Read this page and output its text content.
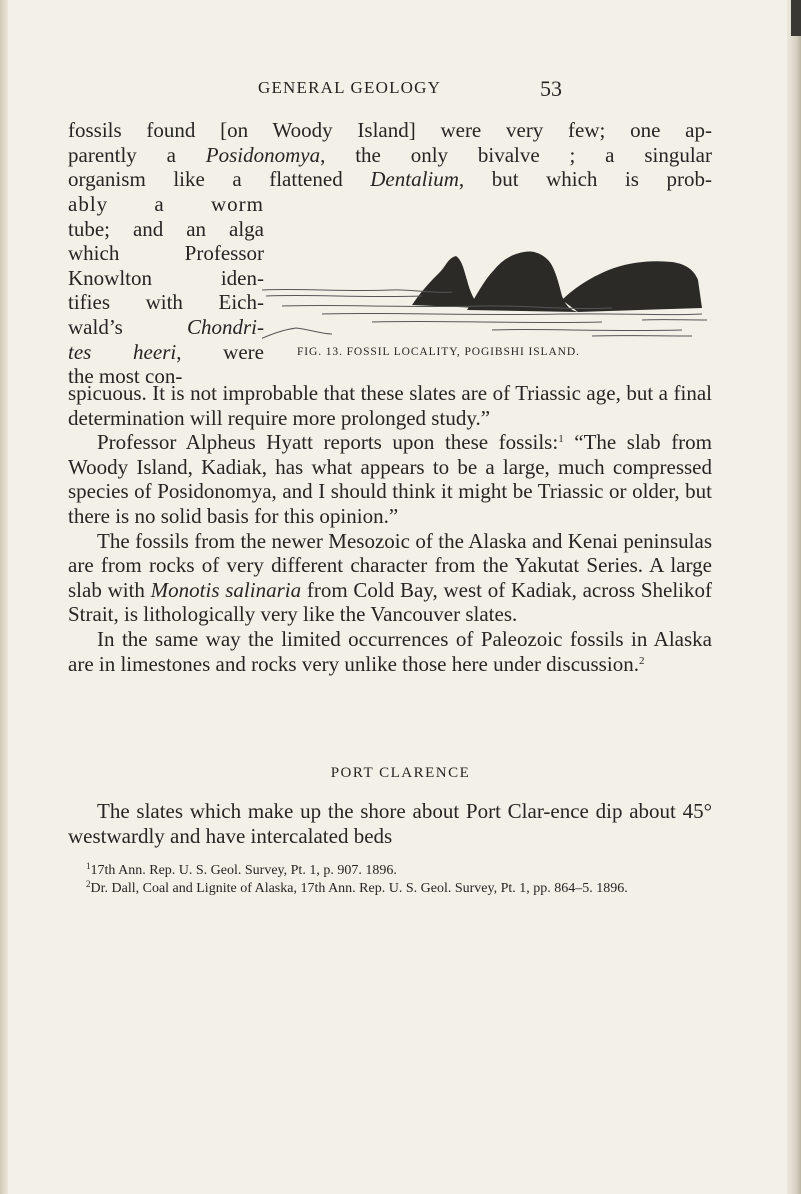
GENERAL GEOLOGY	53

fossils found [on Woody Island] were very few; one ap-

parently a Posidonomya, the only bivalve ; a singular

organism like a flattened Dentalium, but which is prob-

ably a worm
tube; and an alga
which Professor
Knowlton iden-
tifies with Eich-
wald’s Chondri-
tes heeri, were
the most con-
FIG. 13. FOSSIL LOCALITY, POGIBSHI ISLAND.

spicuous. It is not improbable that these slates are of Triassic age, but a final determination will require more prolonged study.”

Professor Alpheus Hyatt reports upon these fossils:$^1$ “The slab from Woody Island, Kadiak, has what appears to be a large, much compressed species of Posidonomya, and I should think it might be Triassic or older, but there is no solid basis for this opinion.”

The fossils from the newer Mesozoic of the Alaska and Kenai peninsulas are from rocks of very different character from the Yakutat Series. A large slab with Monotis salinaria from Cold Bay, west of Kadiak, across Shelikof Strait, is lithologically very like the Vancouver slates.

In the same way the limited occurrences of Paleozoic fossils in Alaska are in limestones and rocks very unlike those here under discussion.$^2$

PORT CLARENCE

The slates which make up the shore about Port Clar-ence dip about 45° westwardly and have intercalated beds

$^1$17th Ann. Rep. U. S. Geol. Survey, Pt. 1, p. 907. 1896.

$^2$Dr. Dall, Coal and Lignite of Alaska, 17th Ann. Rep. U. S. Geol. Survey, Pt. 1, pp. 864–5. 1896.
